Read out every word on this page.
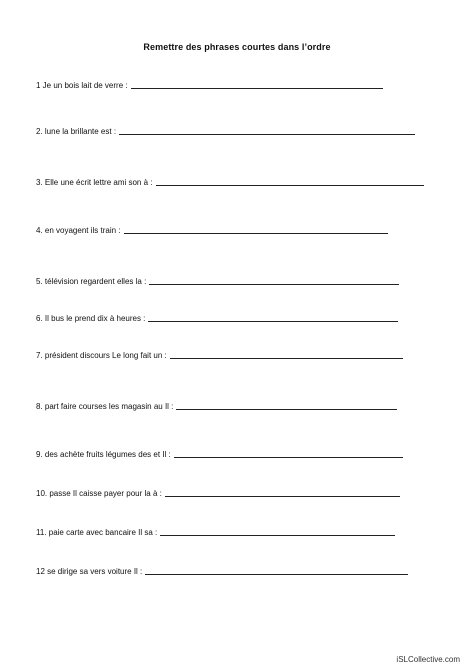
Remettre des phrases courtes dans l’ordre
1 Je un bois lait de verre :
2. lune la brillante est :
3. Elle une écrit lettre ami son à :
4. en voyagent ils train :
5. télévision regardent elles la :
6. Il bus le prend dix à heures :
7. président discours Le long fait un :
8. part faire courses les magasin au Il :
9. des achète fruits légumes des et Il :
10. passe Il caisse payer pour la à :
11. paie carte avec bancaire Il sa :
12 se dirige sa vers voiture Il :
iSLCollective.com
